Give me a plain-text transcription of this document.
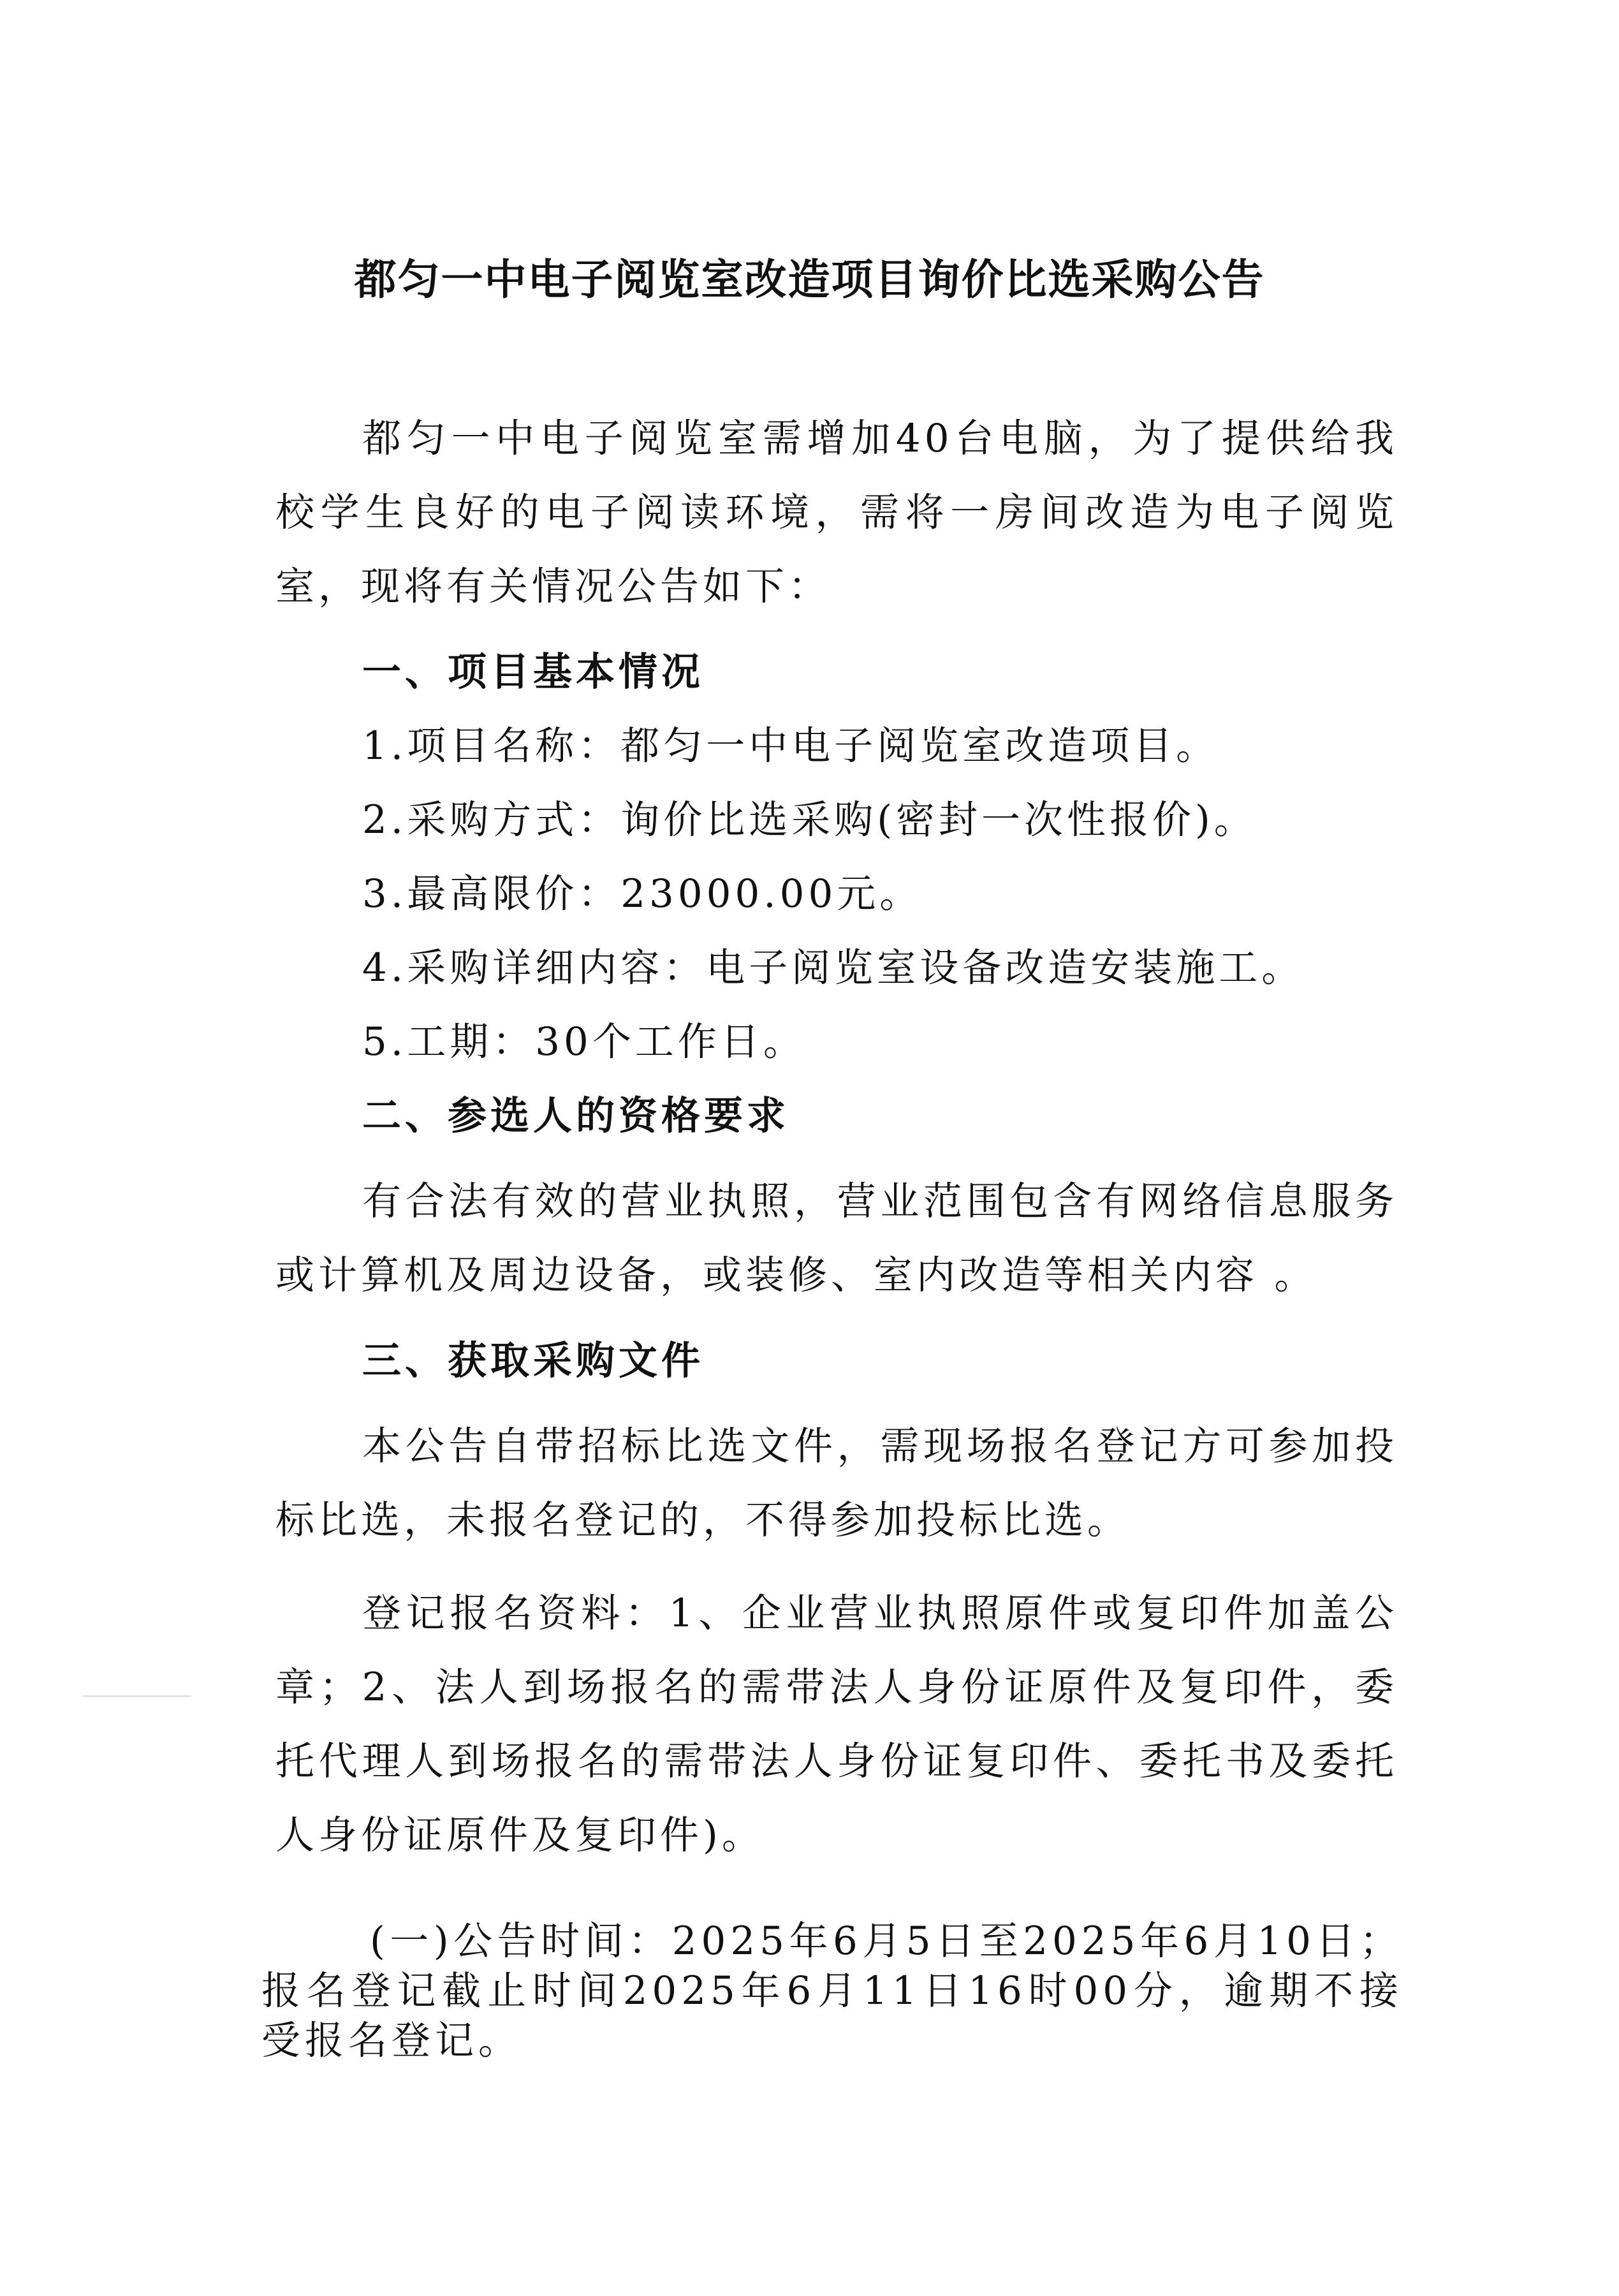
都匀一中电子阅览室改造项目询价比选采购公告

都匀一中电子阅览室需增加40台电脑，为了提供给我校学生良好的电子阅读环境，需将一房间改造为电子阅览室，现将有关情况公告如下：

一、项目基本情况

1.项目名称：都匀一中电子阅览室改造项目。

2.采购方式：询价比选采购(密封一次性报价)。

3.最高限价：23000.00元。

4.采购详细内容：电子阅览室设备改造安装施工。

5.工期：30个工作日。

二、参选人的资格要求

有合法有效的营业执照，营业范围包含有网络信息服务或计算机及周边设备，或装修、室内改造等相关内容 。

三、获取采购文件

本公告自带招标比选文件，需现场报名登记方可参加投标比选，未报名登记的，不得参加投标比选。

登记报名资料：1、企业营业执照原件或复印件加盖公章；2、法人到场报名的需带法人身份证原件及复印件，委托代理人到场报名的需带法人身份证复印件、委托书及委托人身份证原件及复印件)。

(一)公告时间：2025年6月5日至2025年6月10日；报名登记截止时间2025年6月11日16时00分，逾期不接受报名登记。
